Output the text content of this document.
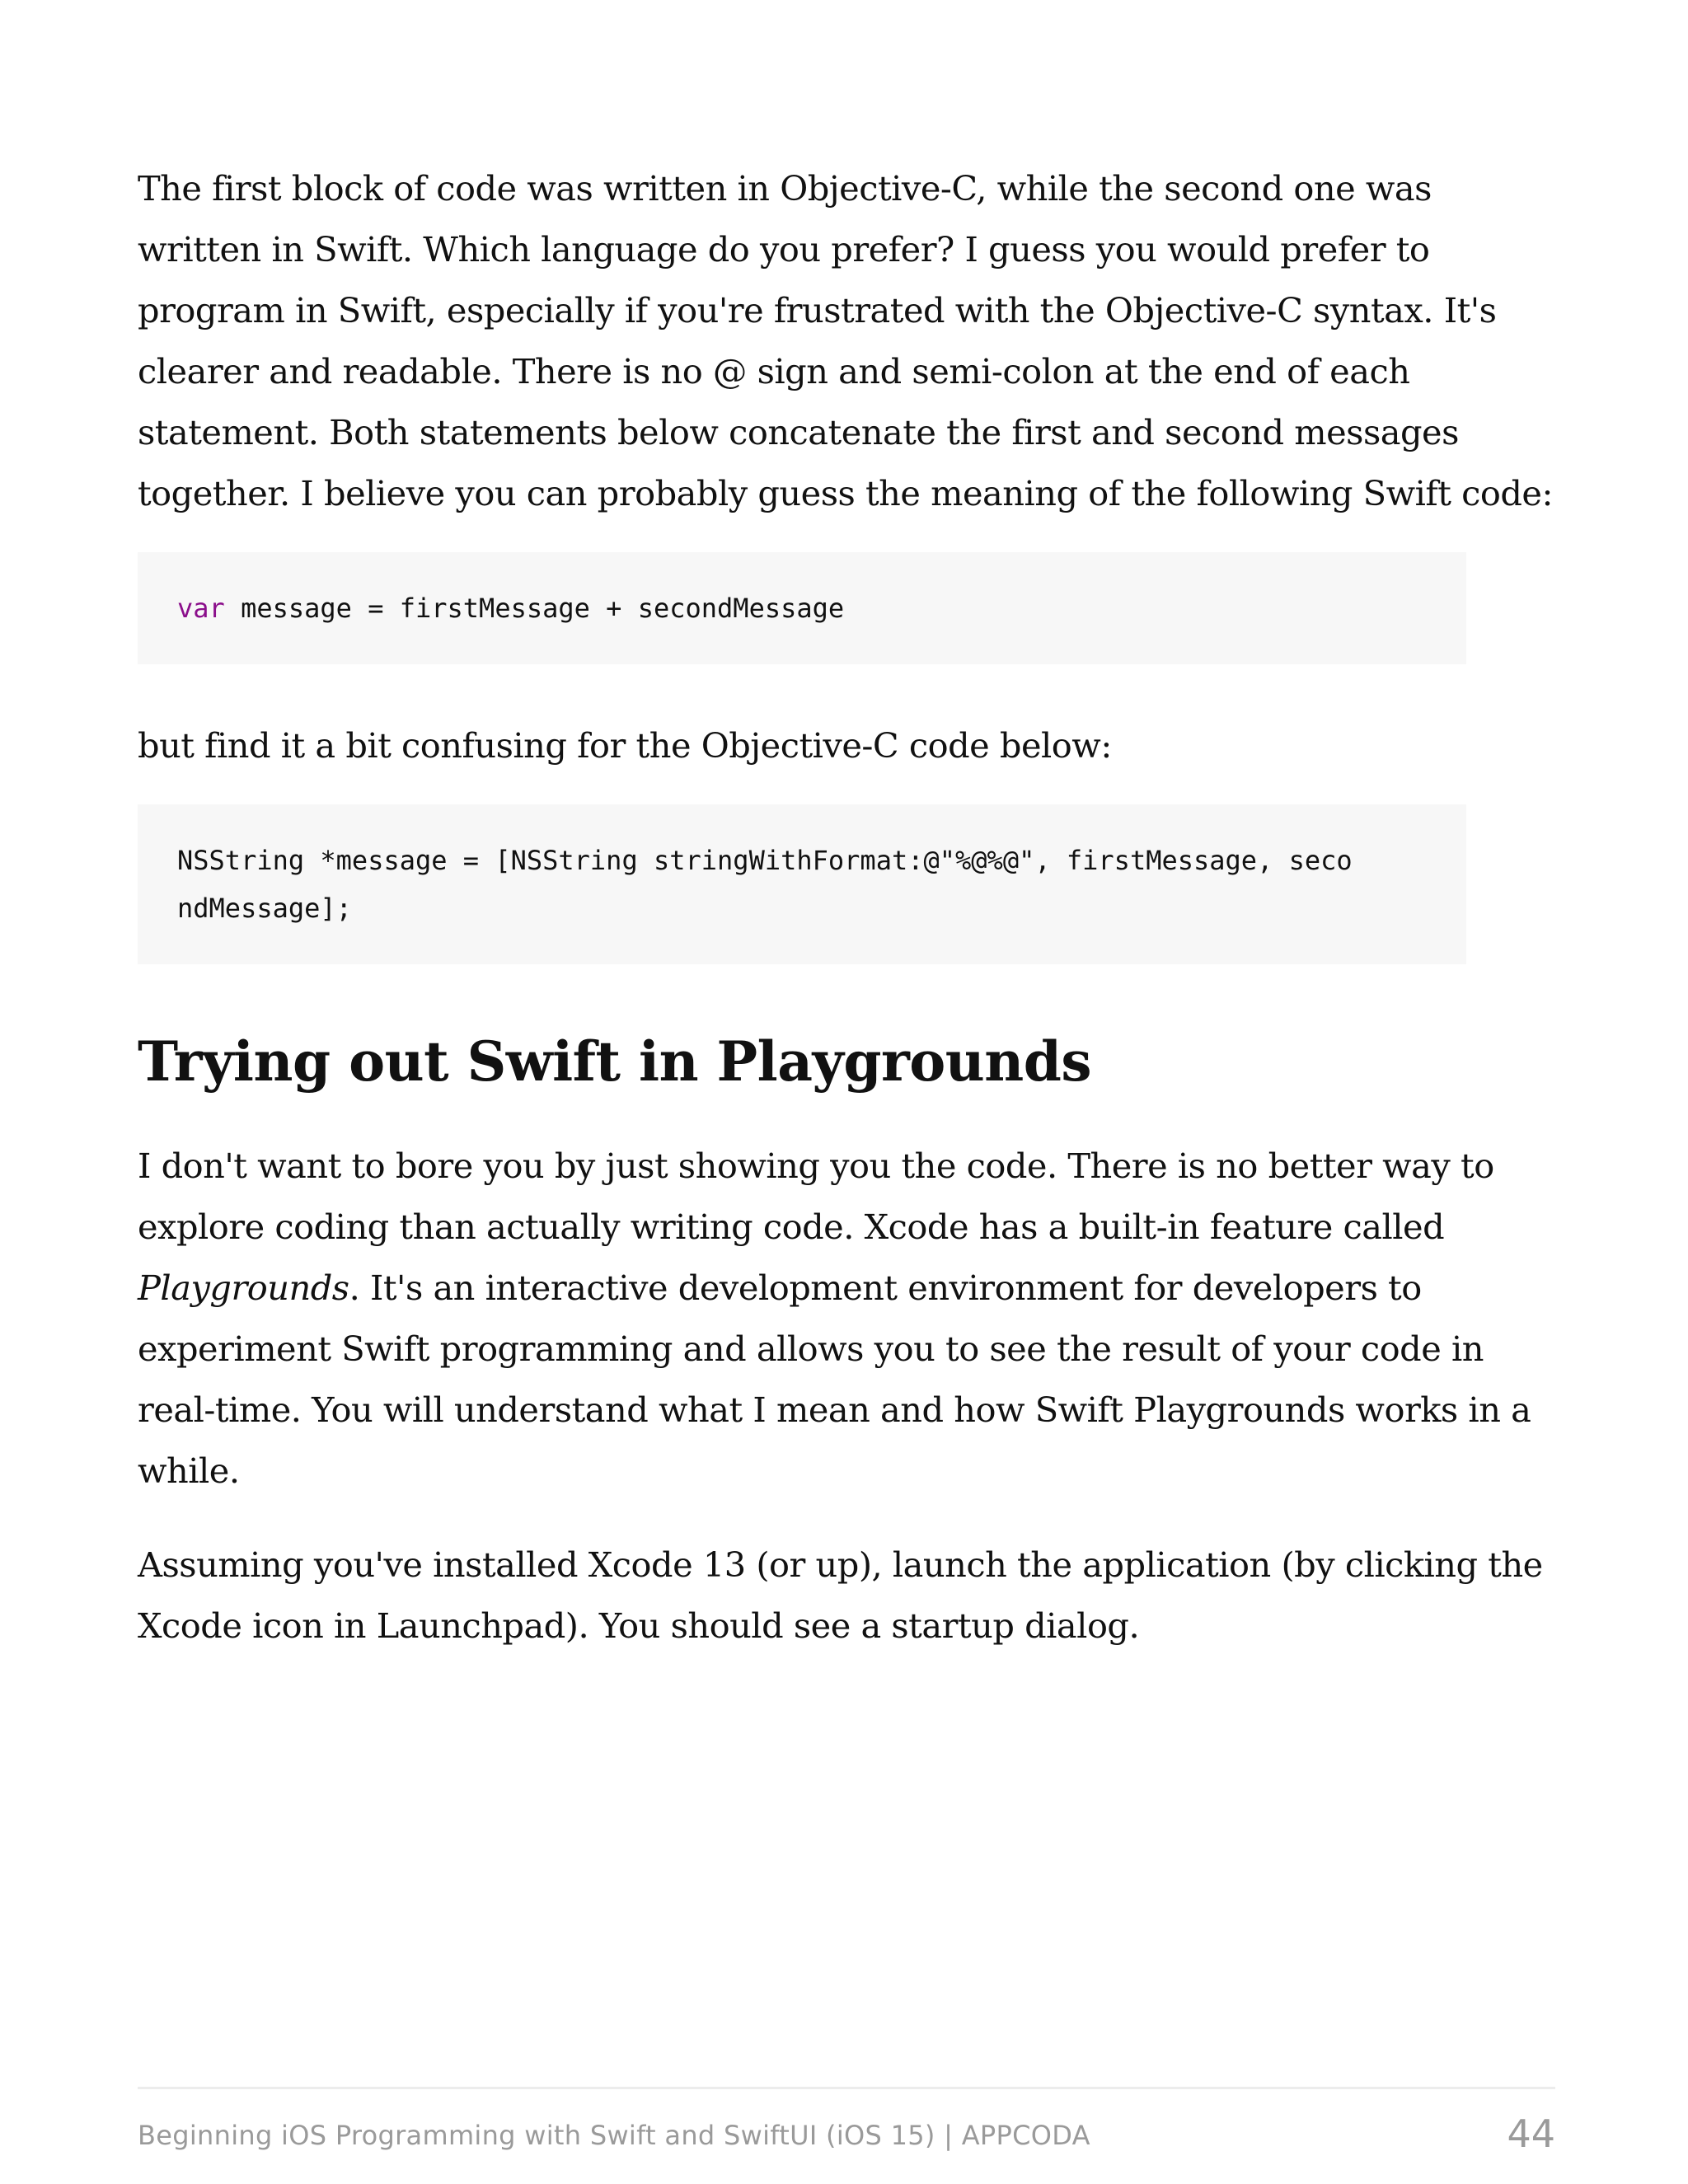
The first block of code was written in Objective-C, while the second one was
written in Swift. Which language do you prefer? I guess you would prefer to
program in Swift, especially if you're frustrated with the Objective-C syntax. It's
clearer and readable. There is no @ sign and semi-colon at the end of each
statement. Both statements below concatenate the first and second messages
together. I believe you can probably guess the meaning of the following Swift code:

var message = firstMessage + secondMessage

but find it a bit confusing for the Objective-C code below:

NSString *message = [NSString stringWithFormat:@"%@%@", firstMessage, seco
ndMessage];
Trying out Swift in Playgrounds

I don't want to bore you by just showing you the code. There is no better way to
explore coding than actually writing code. Xcode has a built-in feature called
Playgrounds. It's an interactive development environment for developers to
experiment Swift programming and allows you to see the result of your code in
real-time. You will understand what I mean and how Swift Playgrounds works in a
while.

Assuming you've installed Xcode 13 (or up), launch the application (by clicking the
Xcode icon in Launchpad). You should see a startup dialog.

Beginning iOS Programming with Swift and SwiftUI (iOS 15) | APPCODA	44
